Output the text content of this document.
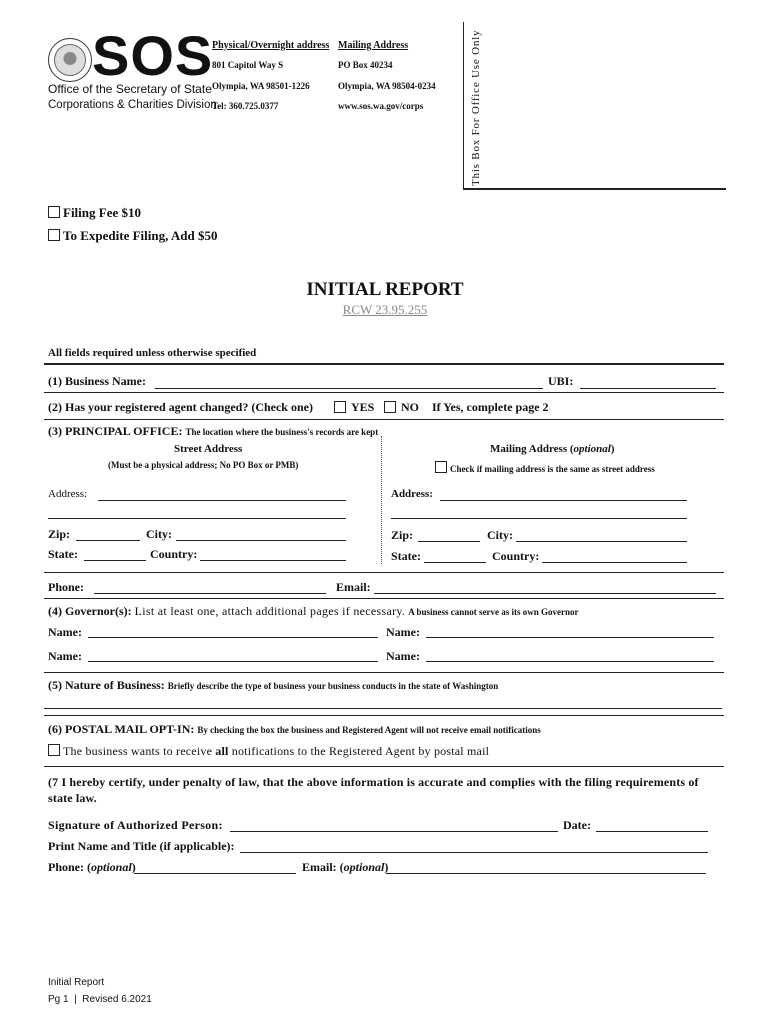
SOS
Office of the Secretary of State
Corporations & Charities Division
Physical/Overnight address Mailing Address
801 Capitol Way S
Olympia, WA 98501-1226
Tel: 360.725.0377
PO Box 40234
Olympia, WA 98504-0234
www.sos.wa.gov/corps	This Box For Office Use Only
Filing Fee $10
To Expedite Filing, Add $50
INITIAL REPORT
RCW 23.95.255
All fields required unless otherwise specified
(1) Business Name:	UBI:
(2) Has your registered agent changed? (Check one)	YES NO If Yes, complete page 2
(3) PRINCIPAL OFFICE: The location where the business's records are kept
Street Address
(Must be a physical address; No PO Box or PMB)
Mailing Address (optional)
Check if mailing address is the same as street address
Address:	Address:
Zip:	City:	Zip:	City:
State:	Country:	State:	Country:
Phone:	Email:
(4) Governor(s): List at least one, attach additional pages if necessary. A business cannot serve as its own Governor
Name:	Name:
Name:	Name:
(5) Nature of Business: Briefly describe the type of business your business conducts in the state of Washington
(6) POSTAL MAIL OPT-IN: By checking the box the business and Registered Agent will not receive email notifications
The business wants to receive all notifications to the Registered Agent by postal mail
(7 I hereby certify, under penalty of law, that the above information is accurate and complies with the filing requirements of state law.
Signature of Authorized Person:	Date:
Print Name and Title (if applicable):
Phone: (optional)	Email: (optional)
Initial Report
Pg 1  |  Revised 6.2021
